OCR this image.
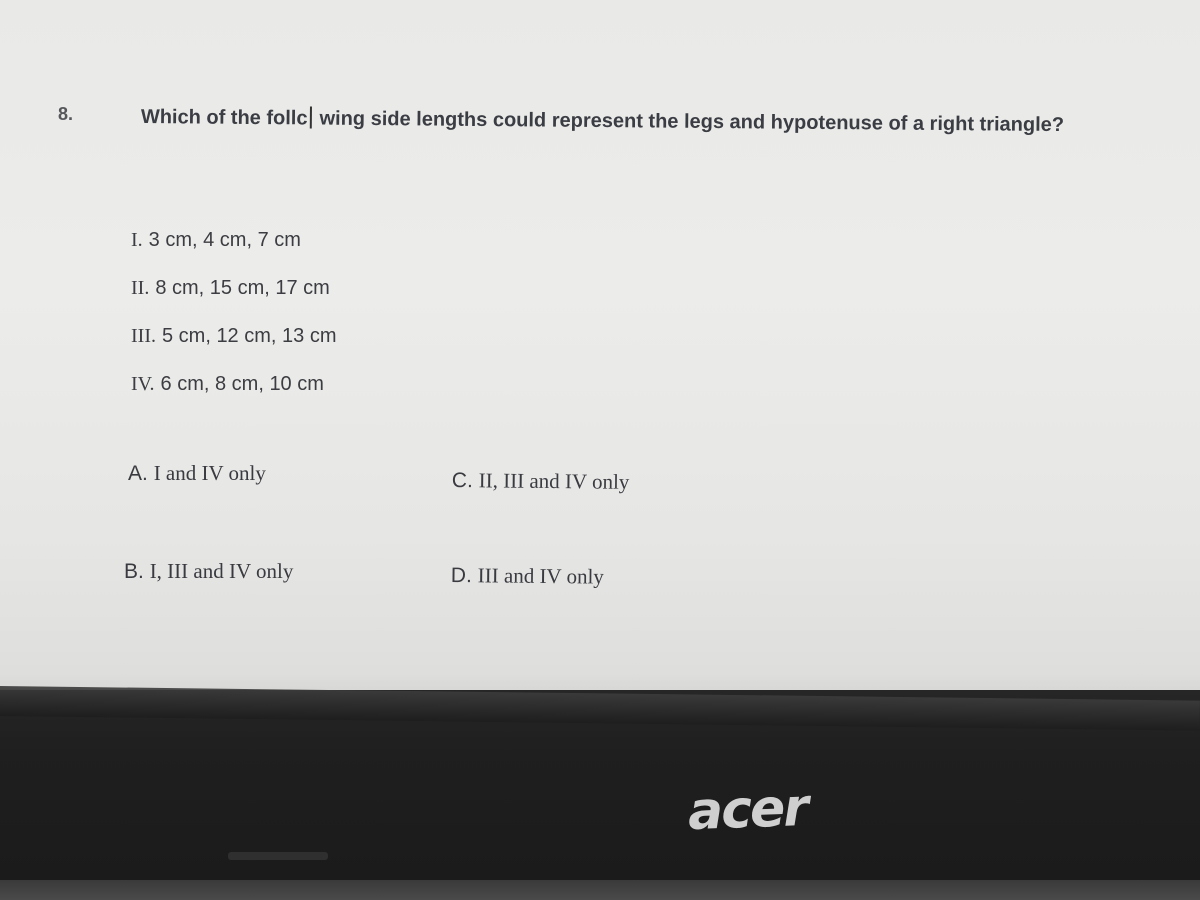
8.	Which of the follc wing side lengths could represent the legs and hypotenuse of a right triangle?
I. 3 cm, 4 cm, 7 cm
II. 8 cm, 15 cm, 17 cm
III. 5 cm, 12 cm, 13 cm
IV. 6 cm, 8 cm, 10 cm
A. I and IV only
B. I, III and IV only
C. II, III and IV only
D. III and IV only
acer
